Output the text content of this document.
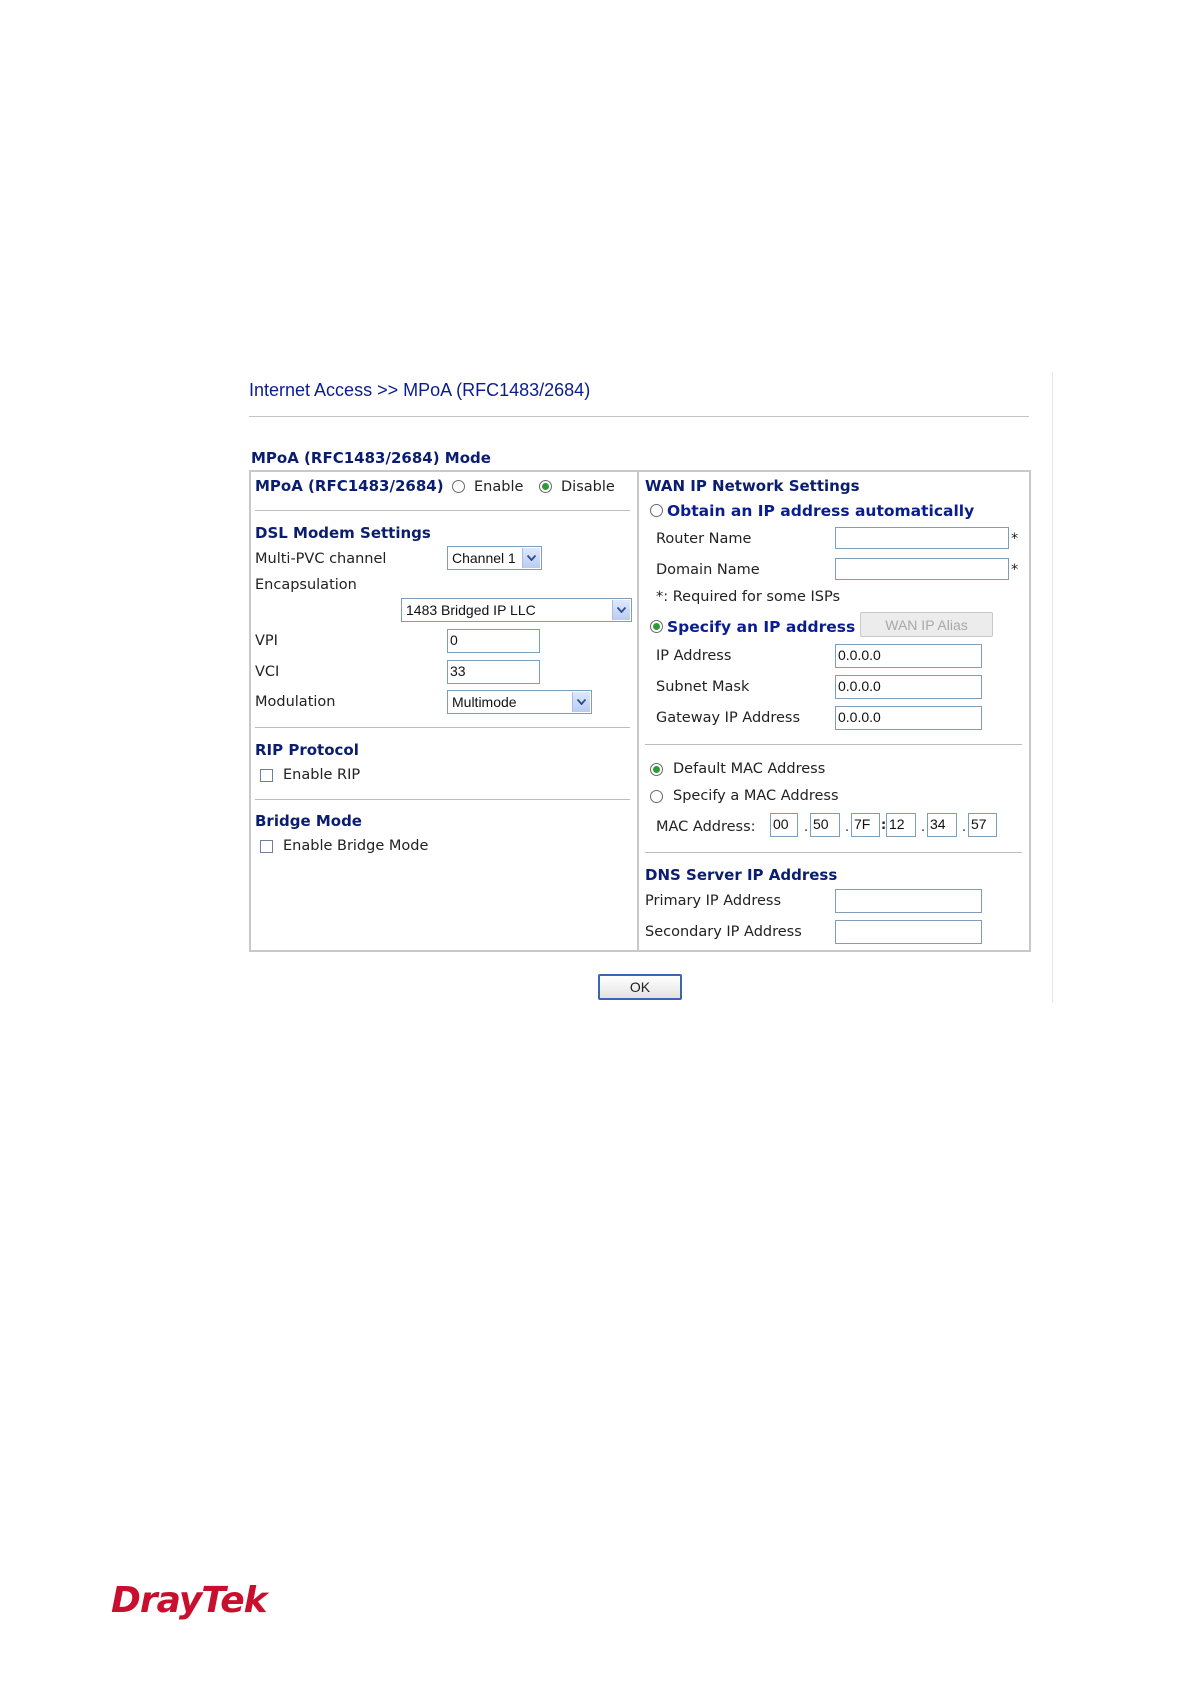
Internet Access >> MPoA (RFC1483/2684)
MPoA (RFC1483/2684) Mode
MPoA (RFC1483/2684) Enable	Disable
DSL Modem Settings
Multi-PVC channel	Channel 1
Encapsulation
1483 Bridged IP LLC
VPI	0
VCI	33
Modulation	Multimode
RIP Protocol
Enable RIP
Bridge Mode
Enable Bridge Mode
WAN IP Network Settings
Obtain an IP address automatically
Router Name	*
Domain Name	*
*: Required for some ISPs
Specify an IP address	WAN IP Alias
IP Address	0.0.0.0
Subnet Mask	0.0.0.0
Gateway IP Address	0.0.0.0
Default MAC Address
Specify a MAC Address
MAC Address: 00	. 50	. 7F : 12	. 34	. 57
DNS Server IP Address
Primary IP Address
Secondary IP Address
OK
DrayTek
